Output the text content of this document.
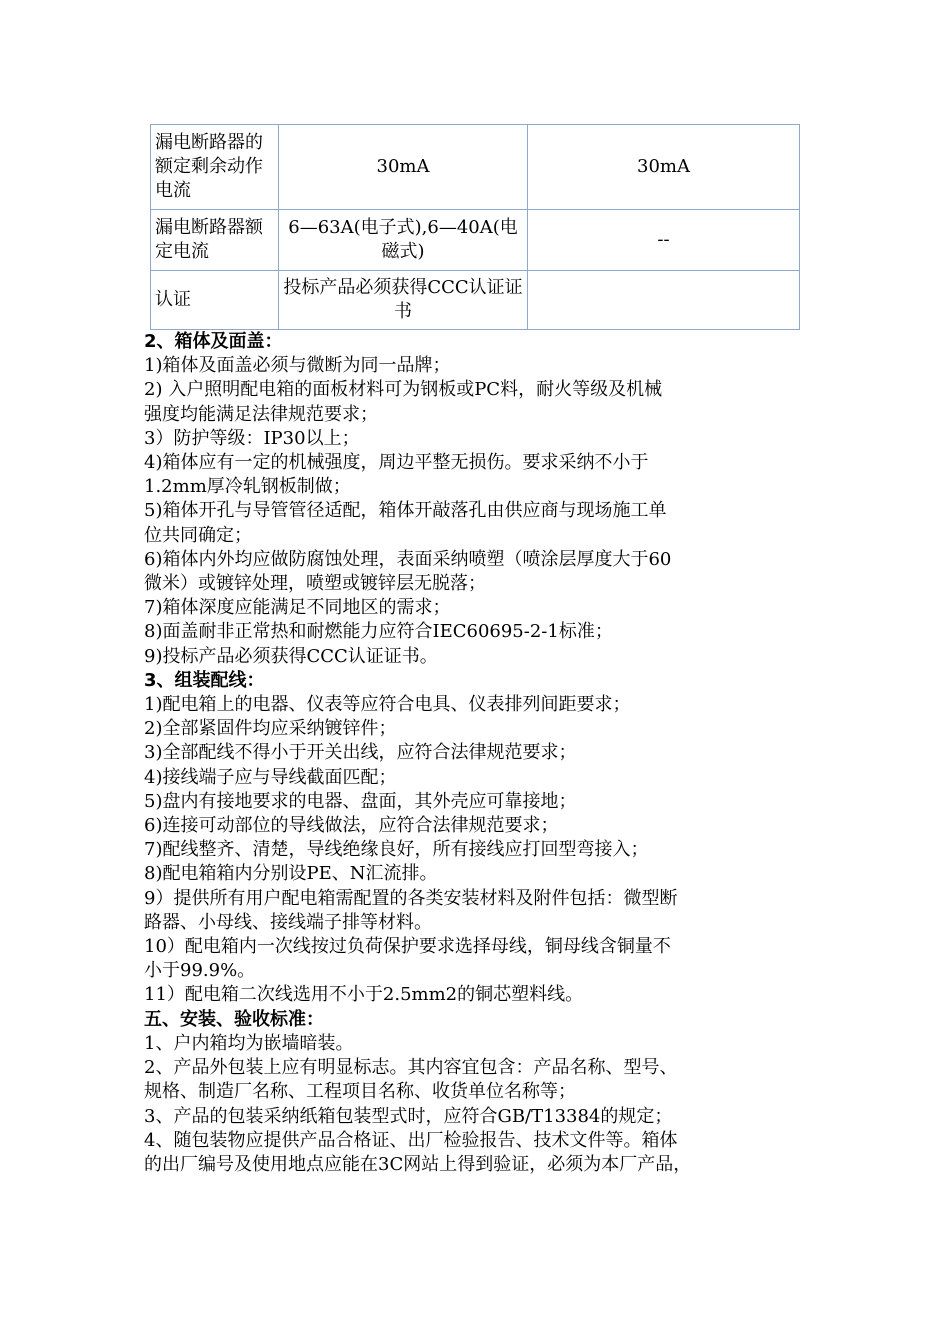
漏电断路器的额定剩余动作电流	30mA	30mA
漏电断路器额定电流	6—63A(电子式),6—40A(电磁式)	--
认证	投标产品必须获得CCC认证证书	
2、箱体及面盖：
1)箱体及面盖必须与微断为同一品牌；
2) 入户照明配电箱的面板材料可为钢板或PC料，耐火等级及机械
强度均能满足法律规范要求；
3）防护等级：IP30以上；
4)箱体应有一定的机械强度，周边平整无损伤。要求采纳不小于
1.2mm厚冷轧钢板制做；
5)箱体开孔与导管管径适配，箱体开敲落孔由供应商与现场施工单
位共同确定；
6)箱体内外均应做防腐蚀处理，表面采纳喷塑（喷涂层厚度大于60
微米）或镀锌处理，喷塑或镀锌层无脱落；
7)箱体深度应能满足不同地区的需求；
8)面盖耐非正常热和耐燃能力应符合IEC60695-2-1标准；
9)投标产品必须获得CCC认证证书。
3、组装配线：
1)配电箱上的电器、仪表等应符合电具、仪表排列间距要求；
2)全部紧固件均应采纳镀锌件；
3)全部配线不得小于开关出线，应符合法律规范要求；
4)接线端子应与导线截面匹配；
5)盘内有接地要求的电器、盘面，其外壳应可靠接地；
6)连接可动部位的导线做法，应符合法律规范要求；
7)配线整齐、清楚，导线绝缘良好，所有接线应打回型弯接入；
8)配电箱箱内分别设PE、N汇流排。
9）提供所有用户配电箱需配置的各类安装材料及附件包括：微型断
路器、小母线、接线端子排等材料。
10）配电箱内一次线按过负荷保护要求选择母线，铜母线含铜量不
小于99.9%。
11）配电箱二次线选用不小于2.5mm2的铜芯塑料线。
五、安装、验收标准：
1、户内箱均为嵌墙暗装。
2、产品外包装上应有明显标志。其内容宜包含：产品名称、型号、
规格、制造厂名称、工程项目名称、收货单位名称等；
3、产品的包装采纳纸箱包装型式时，应符合GB/T13384的规定；
4、随包装物应提供产品合格证、出厂检验报告、技术文件等。箱体
的出厂编号及使用地点应能在3C网站上得到验证，必须为本厂产品，
